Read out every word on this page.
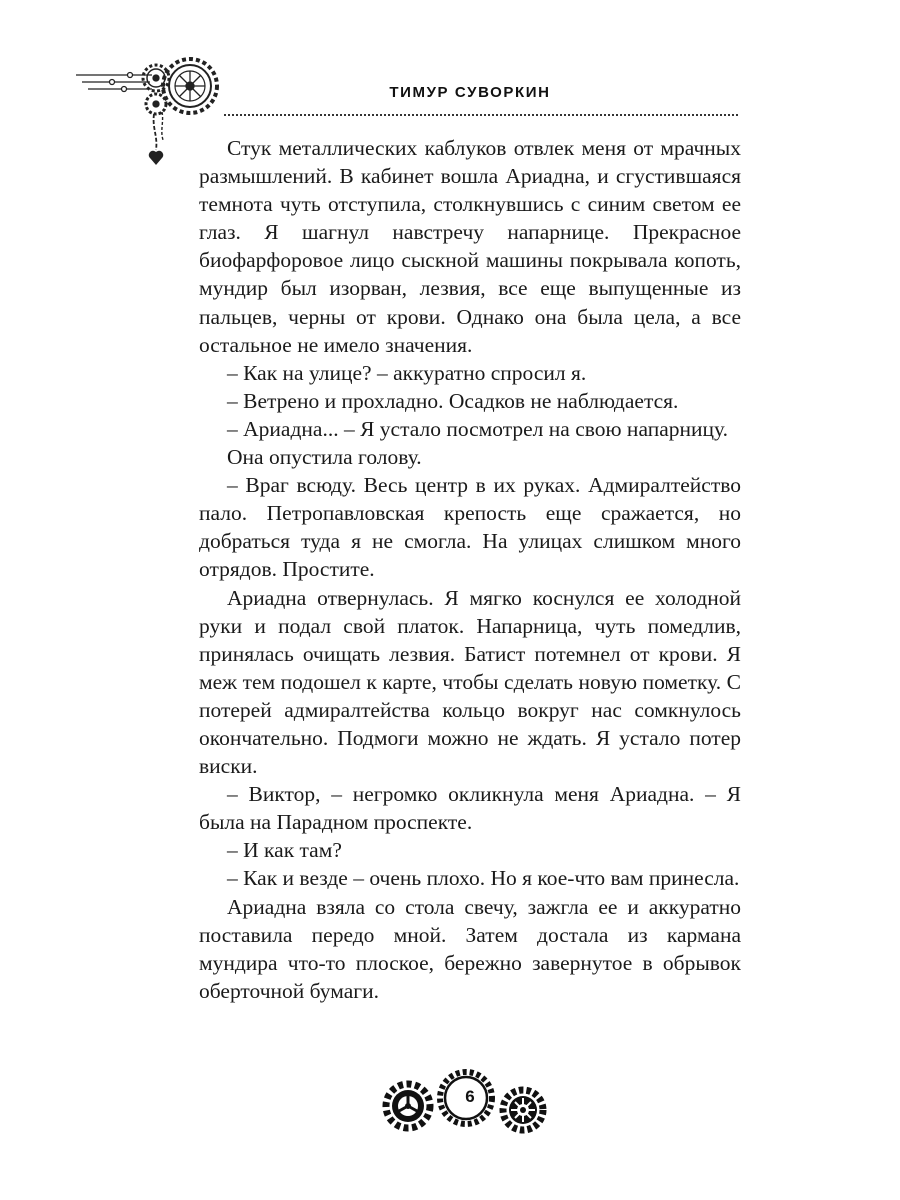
ТИМУР СУВОРКИН

Стук металлических каблуков отвлек меня от мрачных размышлений. В кабинет вошла Ариадна, и сгустившаяся темнота чуть отступила, столкнувшись с синим светом ее глаз. Я шагнул навстречу напарнице. Прекрасное биофарфоровое лицо сыскной машины покрывала копоть, мундир был изорван, лезвия, все еще выпущенные из пальцев, черны от крови. Однако она была цела, а все остальное не имело значения.

– Как на улице? – аккуратно спросил я.

– Ветрено и прохладно. Осадков не наблюдается.

– Ариадна... – Я устало посмотрел на свою напарницу.

Она опустила голову.

– Враг всюду. Весь центр в их руках. Адмиралтейство пало. Петропавловская крепость еще сражается, но добраться туда я не смогла. На улицах слишком много отрядов. Простите.

Ариадна отвернулась. Я мягко коснулся ее холодной руки и подал свой платок. Напарница, чуть помедлив, принялась очищать лезвия. Батист потемнел от крови. Я меж тем подошел к карте, чтобы сделать новую пометку. С потерей адмиралтейства кольцо вокруг нас сомкнулось окончательно. Подмоги можно не ждать. Я устало потер виски.

– Виктор, – негромко окликнула меня Ариадна. – Я была на Парадном проспекте.

– И как там?

– Как и везде – очень плохо. Но я кое-что вам принесла.

Ариадна взяла со стола свечу, зажгла ее и аккуратно поставила передо мной. Затем достала из кармана мундира что-то плоское, бережно завернутое в обрывок оберточной бумаги.

6
